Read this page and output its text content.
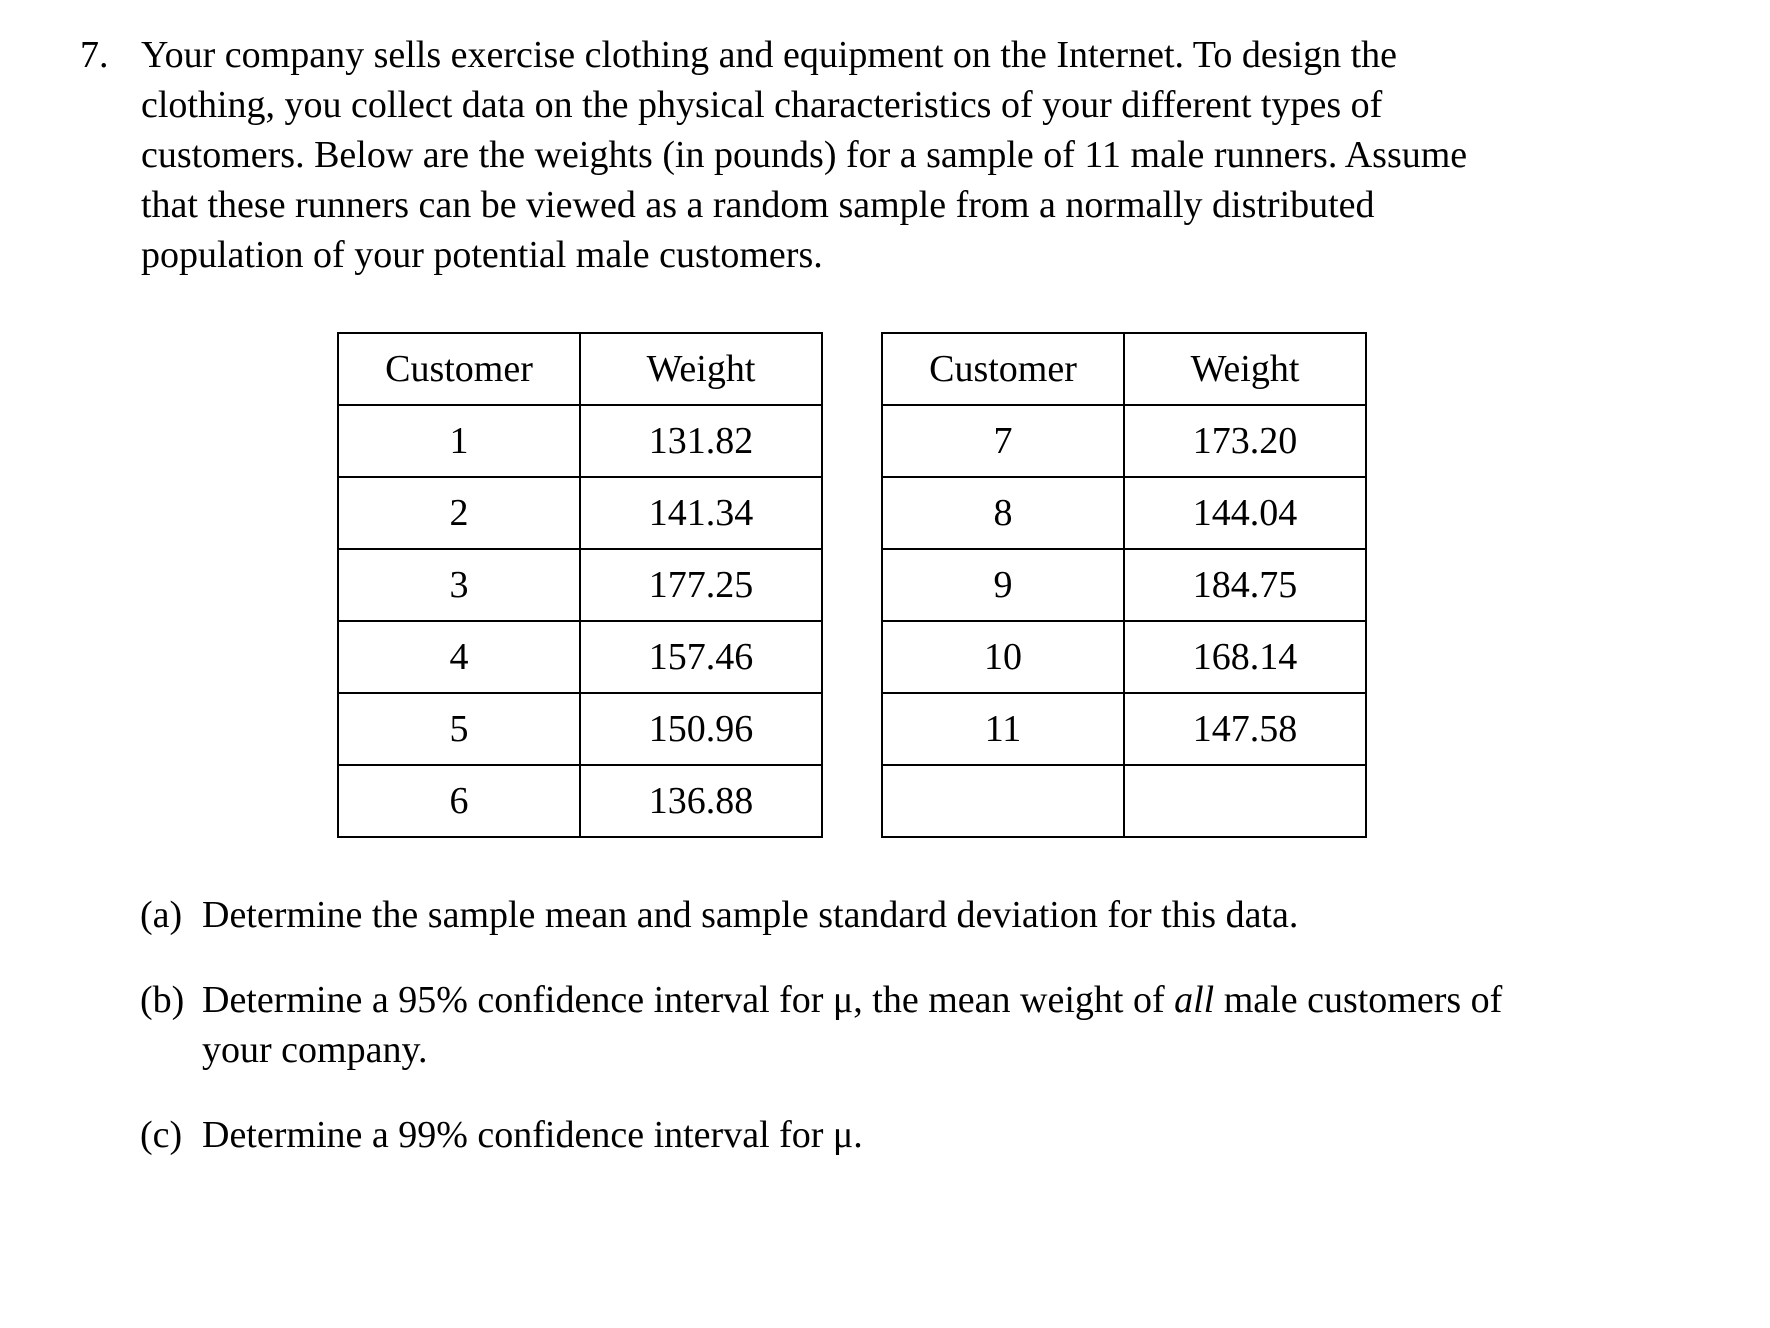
7. Your company sells exercise clothing and equipment on the Internet. To design the
clothing, you collect data on the physical characteristics of your different types of
customers. Below are the weights (in pounds) for a sample of 11 male runners. Assume
that these runners can be viewed as a random sample from a normally distributed
population of your potential male customers.
Customer	Weight
1	131.82
2	141.34
3	177.25
4	157.46
5	150.96
6	136.88
Customer	Weight
7	173.20
8	144.04
9	184.75
10	168.14
11	147.58

(a) Determine the sample mean and sample standard deviation for this data.
(b) Determine a 95% confidence interval for μ, the mean weight of all male customers of
your company.
(c) Determine a 99% confidence interval for μ.
